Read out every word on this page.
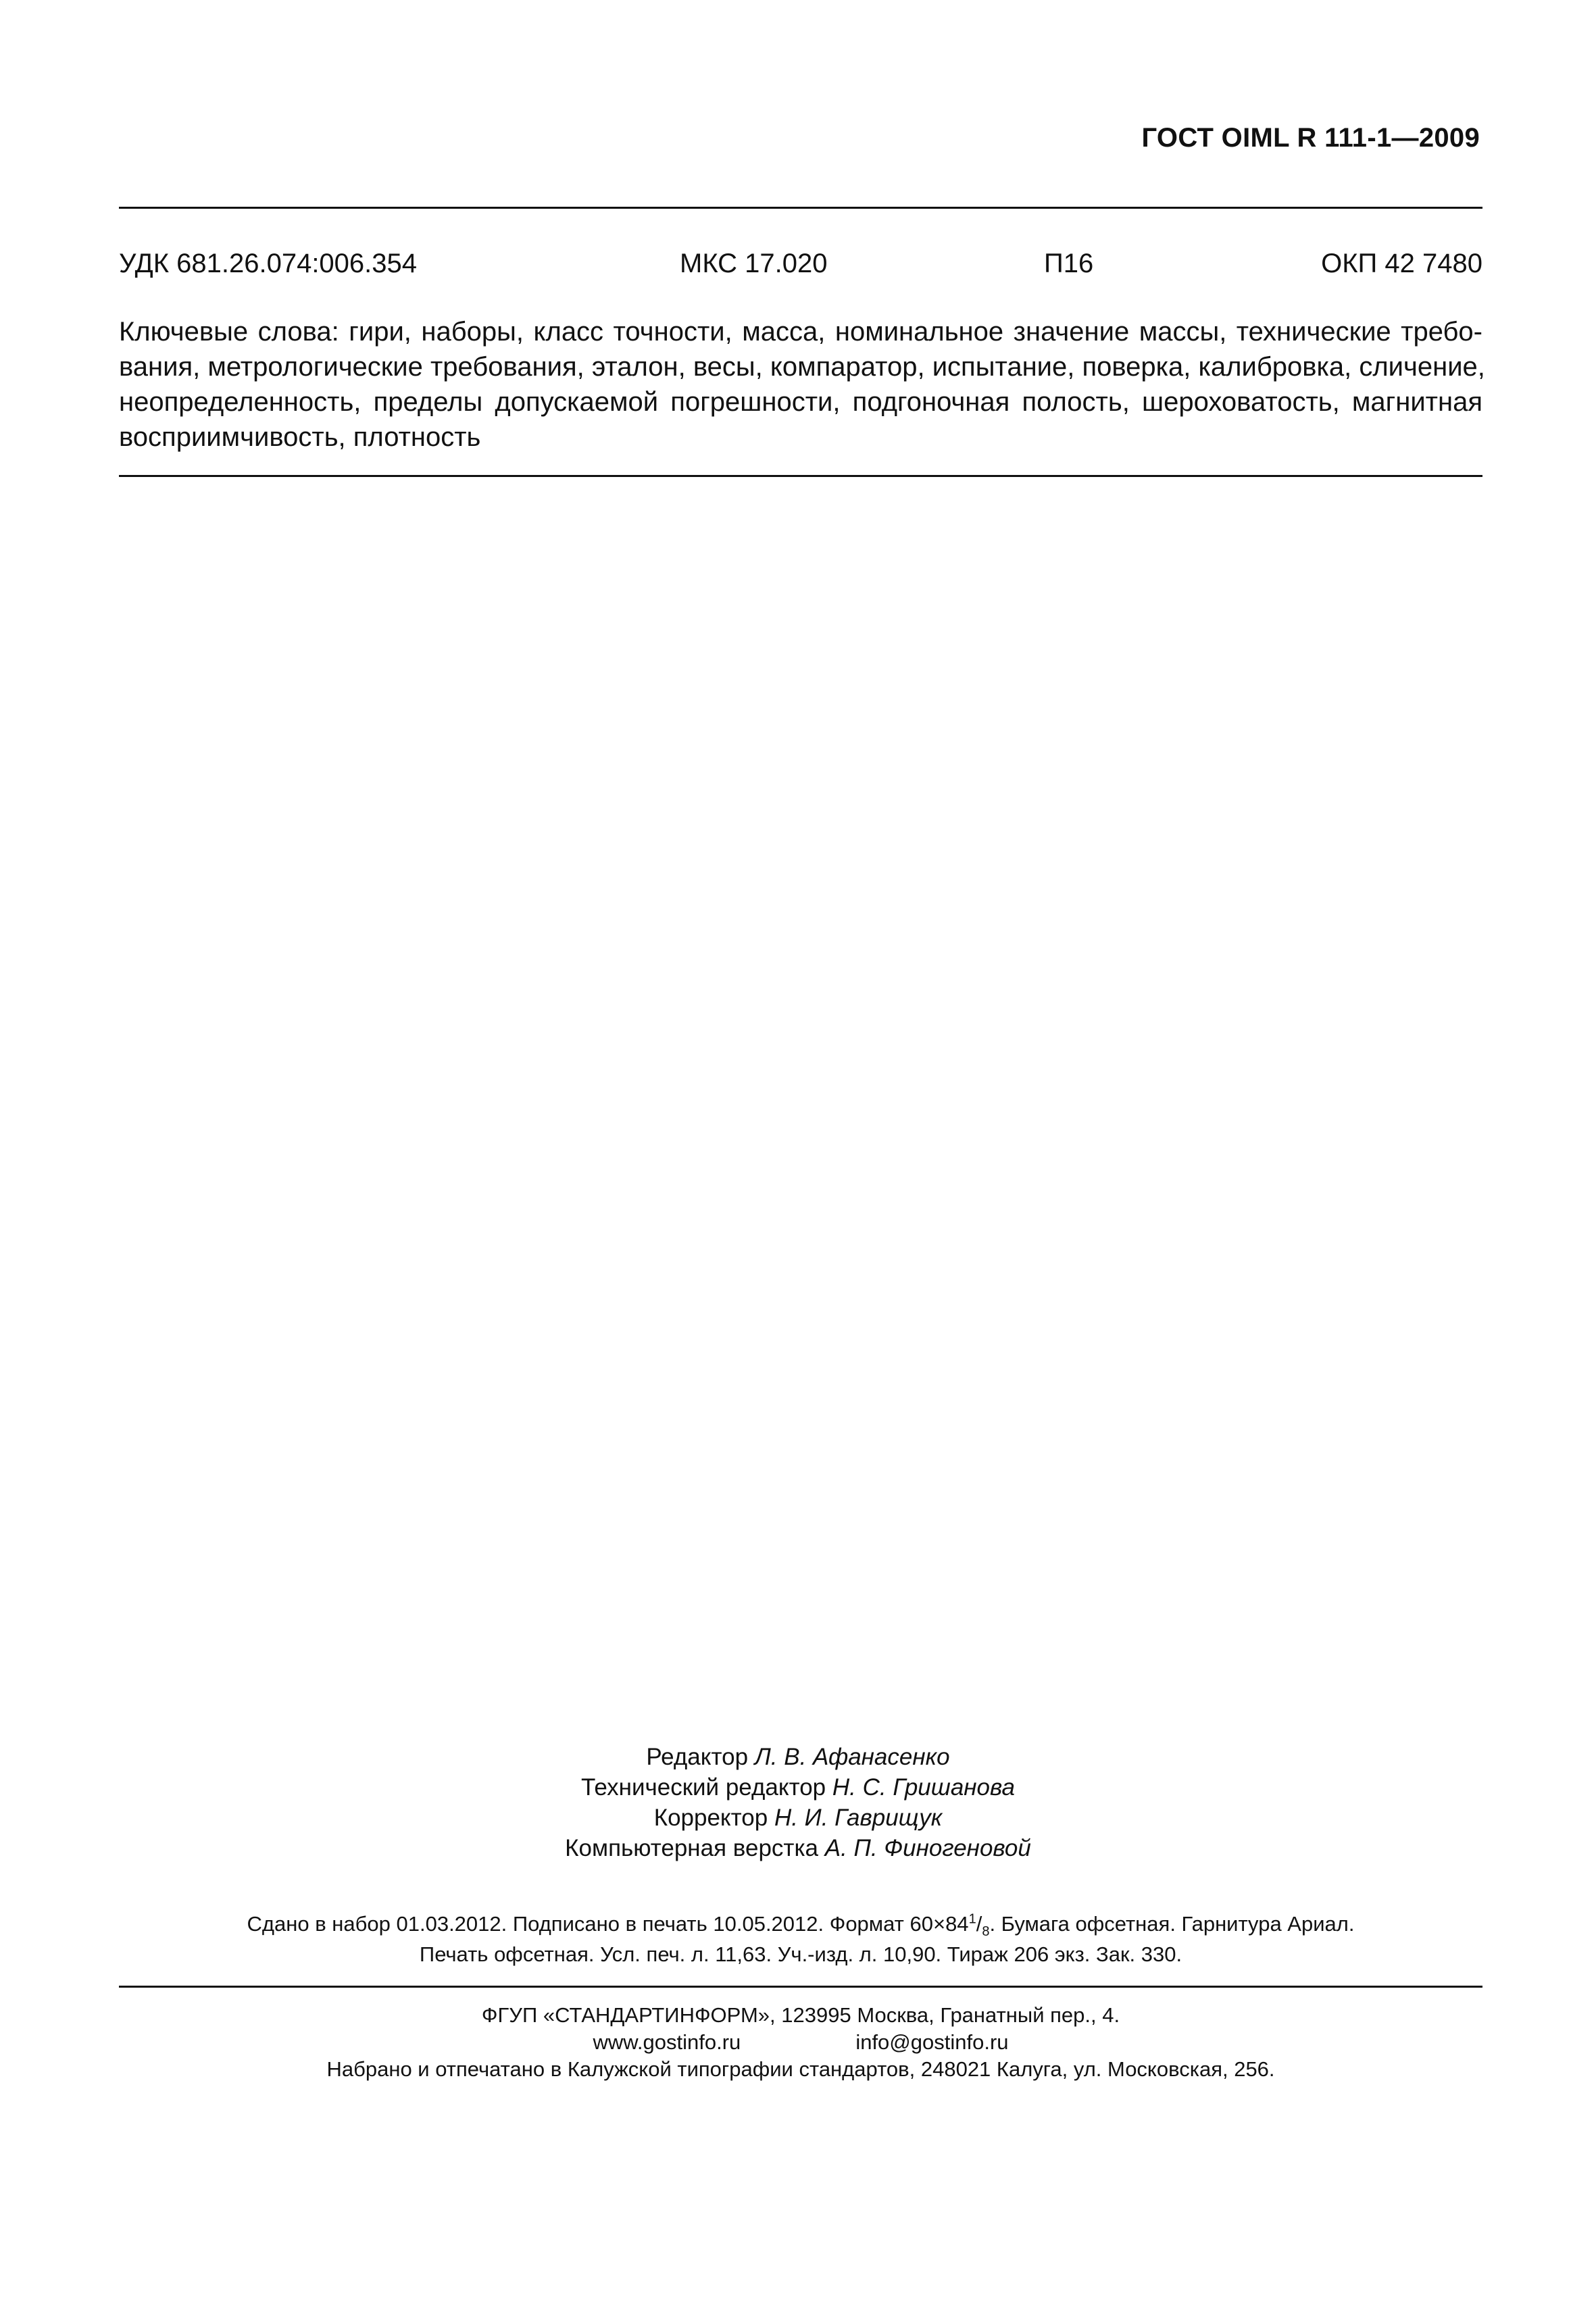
ГОСТ OIML R 111-1—2009
УДК 681.26.074:006.354	МКС 17.020	П16	ОКП 42 7480
Ключевые слова: гири, наборы, класс точности, масса, номинальное значение массы, технические требо-
вания, метрологические требования, эталон, весы, компаратор, испытание, поверка, калибровка, сличение,
неопределенность, пределы допускаемой погрешности, подгоночная полость, шероховатость, магнитная
восприимчивость, плотность
Редактор Л. В. Афанасенко
Технический редактор Н. С. Гришанова
Корректор Н. И. Гаврищук
Компьютерная верстка А. П. Финогеновой
Сдано в набор 01.03.2012. Подписано в печать 10.05.2012. Формат $60\times 84^1/_8$. Бумага офсетная. Гарнитура Ариал.
Печать офсетная. Усл. печ. л. 11,63. Уч.-изд. л. 10,90. Тираж 206 экз. Зак. 330.
ФГУП «СТАНДАРТИНФОРМ», 123995 Москва, Гранатный пер., 4.
www.gostinfo.ru	info@gostinfo.ru
Набрано и отпечатано в Калужской типографии стандартов, 248021 Калуга, ул. Московская, 256.
